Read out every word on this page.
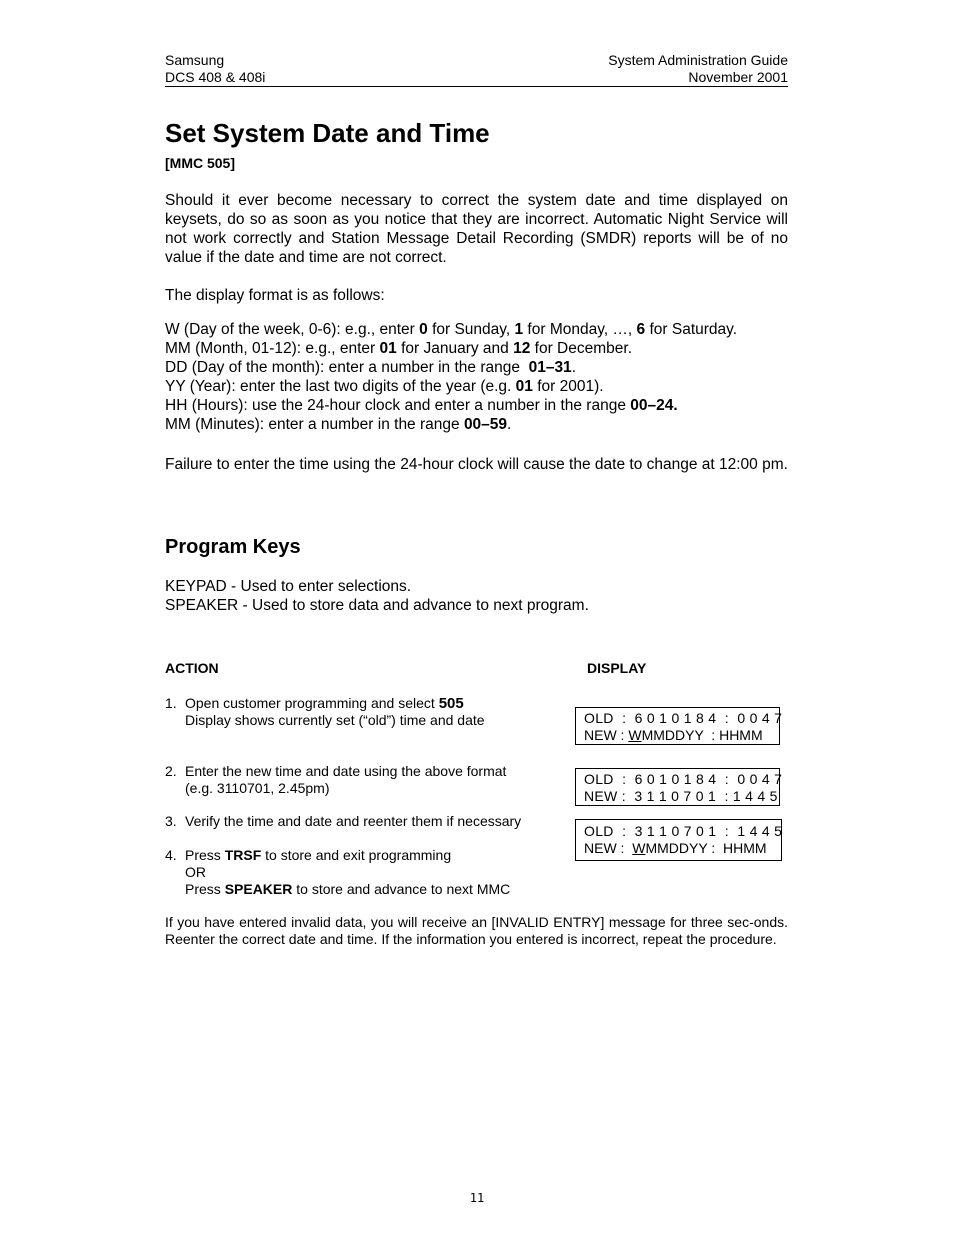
Samsung
DCS 408 & 408i
System Administration Guide
November 2001
Set System Date and Time
[MMC 505]
Should it ever become necessary to correct the system date and time displayed on keysets, do so as soon as you notice that they are incorrect. Automatic Night Service will not work correctly and Station Message Detail Recording (SMDR) reports will be of no value if the date and time are not correct.
The display format is as follows:
W (Day of the week, 0-6): e.g., enter 0 for Sunday, 1 for Monday, …, 6 for Saturday.
MM (Month, 01-12): e.g., enter 01 for January and 12 for December.
DD (Day of the month): enter a number in the range  01–31.
YY (Year): enter the last two digits of the year (e.g. 01 for 2001).
HH (Hours): use the 24-hour clock and enter a number in the range 00–24.
MM (Minutes): enter a number in the range 00–59.
Failure to enter the time using the 24-hour clock will cause the date to change at 12:00 pm.
Program Keys
KEYPAD - Used to enter selections.
SPEAKER - Used to store data and advance to next program.
ACTION	DISPLAY
1. Open customer programming and select 505
Display shows currently set (“old”) time and date
2. Enter the new time and date using the above format
(e.g. 3110701, 2.45pm)
3. Verify the time and date and reenter them if necessary
4. Press TRSF to store and exit programming
OR
Press SPEAKER to store and advance to next MMC
OLD  :  6 0 1 0 1 8 4  :  0 0 4 7
NEW : WMMDDYY  : HHMM
OLD  :  6 0 1 0 1 8 4  :  0 0 4 7
NEW :  3 1 1 0 7 0 1  : 1 4 4 5
OLD  :  3 1 1 0 7 0 1  :  1 4 4 5
NEW :  WMMDDYY :  HHMM
If you have entered invalid data, you will receive an [INVALID ENTRY] message for three sec-onds. Reenter the correct date and time. If the information you entered is incorrect, repeat the procedure.
11
